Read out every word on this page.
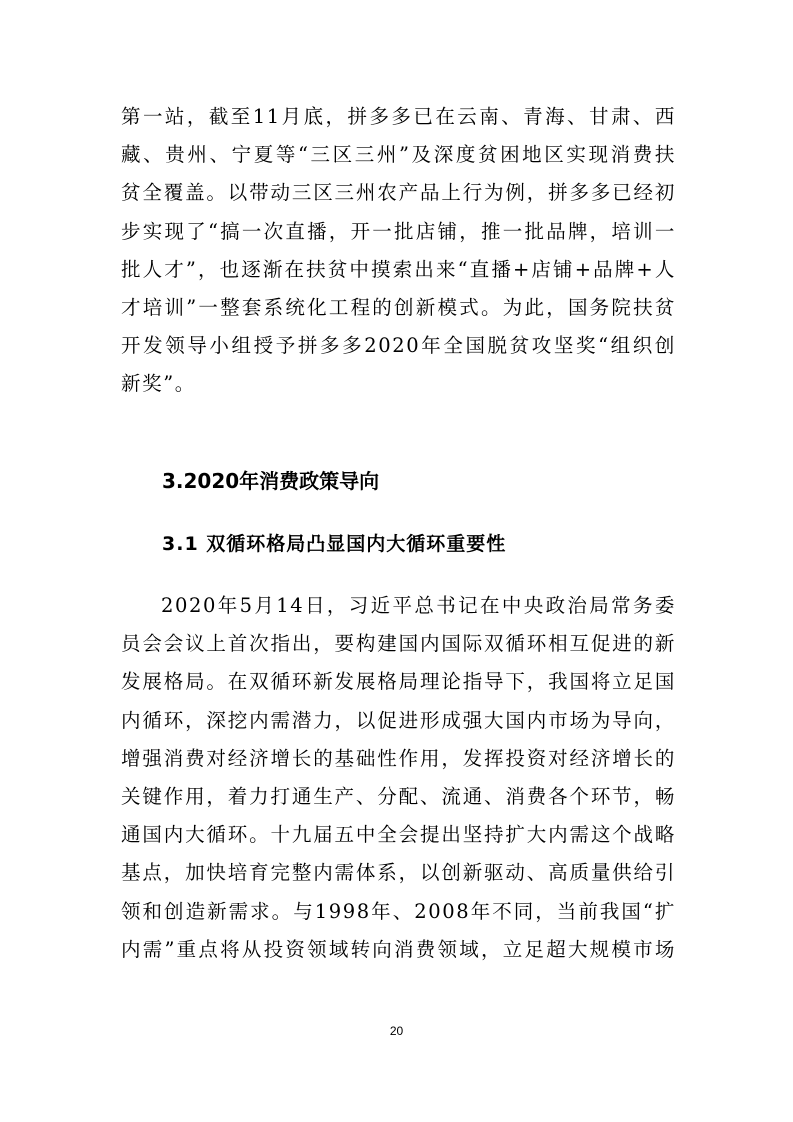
第一站，截至11月底，拼多多已在云南、青海、甘肃、西
藏、贵州、宁夏等“三区三州”及深度贫困地区实现消费扶
贫全覆盖。以带动三区三州农产品上行为例，拼多多已经初
步实现了“搞一次直播，开一批店铺，推一批品牌，培训一
批人才”，也逐渐在扶贫中摸索出来“直播+店铺+品牌+人
才培训”一整套系统化工程的创新模式。为此，国务院扶贫
开发领导小组授予拼多多2020年全国脱贫攻坚奖“组织创
新奖”。
3.2020年消费政策导向
3.1 双循环格局凸显国内大循环重要性
2020年5月14日，习近平总书记在中央政治局常务委
员会会议上首次指出，要构建国内国际双循环相互促进的新
发展格局。在双循环新发展格局理论指导下，我国将立足国
内循环，深挖内需潜力，以促进形成强大国内市场为导向，
增强消费对经济增长的基础性作用，发挥投资对经济增长的
关键作用，着力打通生产、分配、流通、消费各个环节，畅
通国内大循环。十九届五中全会提出坚持扩大内需这个战略
基点，加快培育完整内需体系，以创新驱动、高质量供给引
领和创造新需求。与1998年、2008年不同，当前我国“扩
内需”重点将从投资领域转向消费领域，立足超大规模市场
20
